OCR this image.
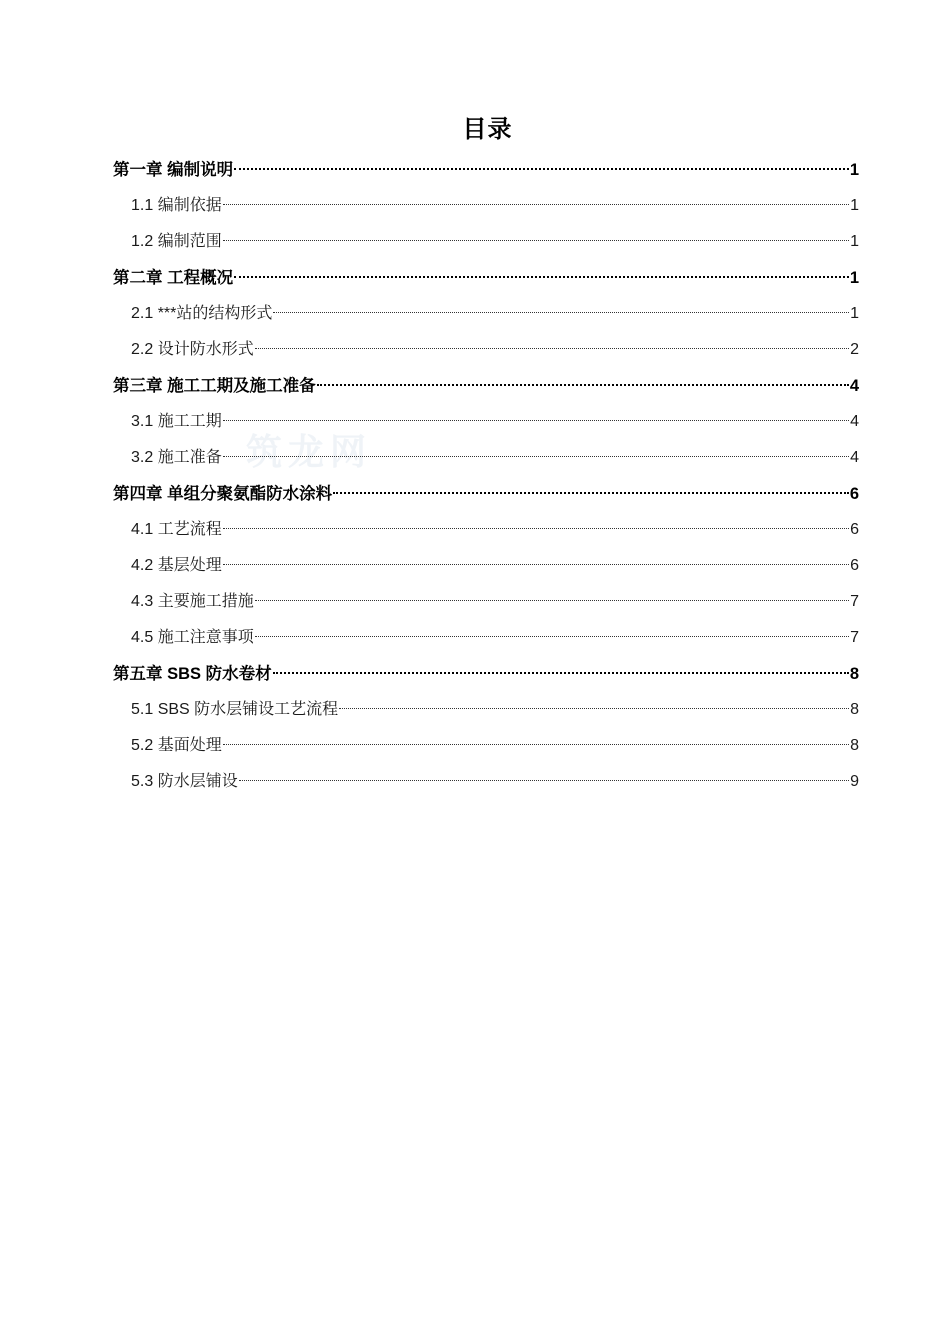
筑龙网
目录
第一章 编制说明	1
1.1 编制依据	1
1.2 编制范围	1
第二章 工程概况	1
2.1 ***站的结构形式	1
2.2 设计防水形式	2
第三章 施工工期及施工准备	4
3.1 施工工期	4
3.2 施工准备	4
第四章 单组分聚氨酯防水涂料	6
4.1 工艺流程	6
4.2 基层处理	6
4.3 主要施工措施	7
4.5 施工注意事项	7
第五章 SBS 防水卷材	8
5.1 SBS 防水层铺设工艺流程	8
5.2 基面处理	8
5.3 防水层铺设	9
